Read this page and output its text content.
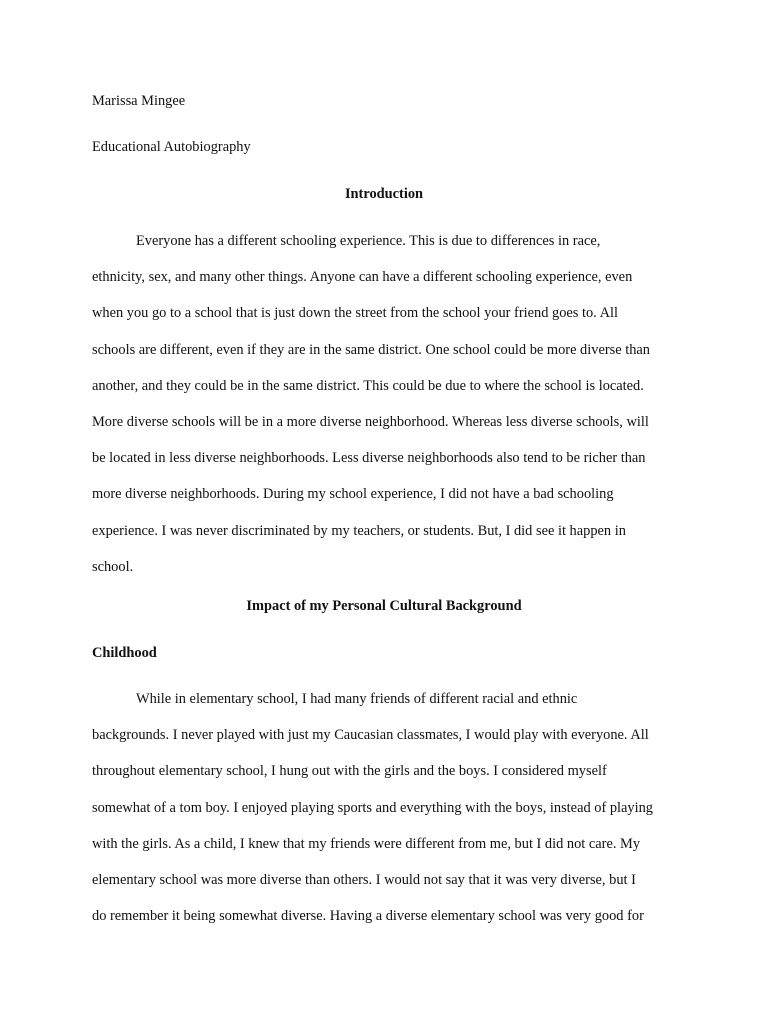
Marissa Mingee

Educational Autobiography

Introduction

Everyone has a different schooling experience. This is due to differences in race,
ethnicity, sex, and many other things. Anyone can have a different schooling experience, even
when you go to a school that is just down the street from the school your friend goes to. All
schools are different, even if they are in the same district. One school could be more diverse than
another, and they could be in the same district. This could be due to where the school is located.
More diverse schools will be in a more diverse neighborhood. Whereas less diverse schools, will
be located in less diverse neighborhoods. Less diverse neighborhoods also tend to be richer than
more diverse neighborhoods. During my school experience, I did not have a bad schooling
experience. I was never discriminated by my teachers, or students. But, I did see it happen in
school.

Impact of my Personal Cultural Background

Childhood

While in elementary school, I had many friends of different racial and ethnic
backgrounds. I never played with just my Caucasian classmates, I would play with everyone. All
throughout elementary school, I hung out with the girls and the boys. I considered myself
somewhat of a tom boy. I enjoyed playing sports and everything with the boys, instead of playing
with the girls. As a child, I knew that my friends were different from me, but I did not care. My
elementary school was more diverse than others. I would not say that it was very diverse, but I
do remember it being somewhat diverse. Having a diverse elementary school was very good for
